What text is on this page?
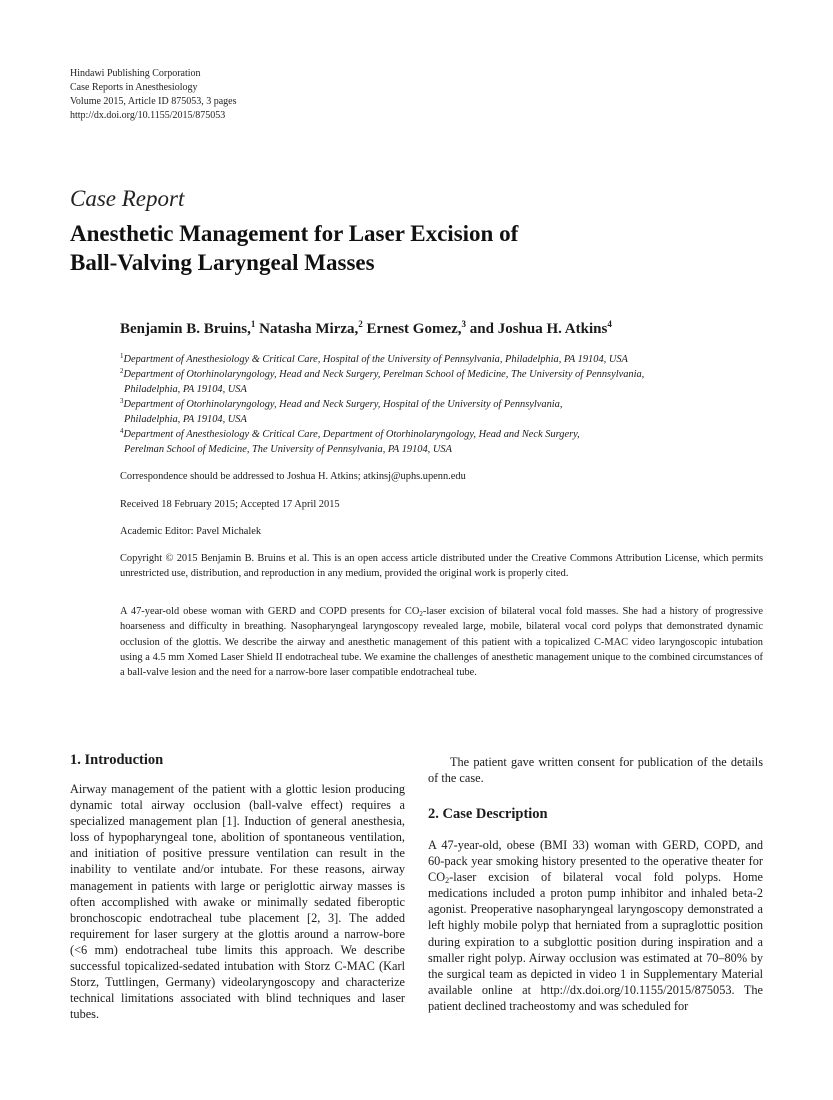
Hindawi Publishing Corporation
Case Reports in Anesthesiology
Volume 2015, Article ID 875053, 3 pages
http://dx.doi.org/10.1155/2015/875053
Case Report
Anesthetic Management for Laser Excision of
Ball-Valving Laryngeal Masses
Benjamin B. Bruins,$^1$ Natasha Mirza,$^2$ Ernest Gomez,$^3$ and Joshua H. Atkins$^4$
$^1$Department of Anesthesiology & Critical Care, Hospital of the University of Pennsylvania, Philadelphia, PA 19104, USA
$^2$Department of Otorhinolaryngology, Head and Neck Surgery, Perelman School of Medicine, The University of Pennsylvania,
Philadelphia, PA 19104, USA
$^3$Department of Otorhinolaryngology, Head and Neck Surgery, Hospital of the University of Pennsylvania,
Philadelphia, PA 19104, USA
$^4$Department of Anesthesiology & Critical Care, Department of Otorhinolaryngology, Head and Neck Surgery,
Perelman School of Medicine, The University of Pennsylvania, PA 19104, USA
Correspondence should be addressed to Joshua H. Atkins; atkinsj@uphs.upenn.edu
Received 18 February 2015; Accepted 17 April 2015
Academic Editor: Pavel Michalek
Copyright © 2015 Benjamin B. Bruins et al. This is an open access article distributed under the Creative Commons Attribution License, which permits unrestricted use, distribution, and reproduction in any medium, provided the original work is properly cited.
A 47-year-old obese woman with GERD and COPD presents for $CO_2$-laser excision of bilateral vocal fold masses. She had a history of progressive hoarseness and difficulty in breathing. Nasopharyngeal laryngoscopy revealed large, mobile, bilateral vocal cord polyps that demonstrated dynamic occlusion of the glottis. We describe the airway and anesthetic management of this patient with a topicalized C-MAC video laryngoscopic intubation using a 4.5 mm Xomed Laser Shield II endotracheal tube. We examine the challenges of anesthetic management unique to the combined circumstances of a ball-valve lesion and the need for a narrow-bore laser compatible endotracheal tube.
1. Introduction
Airway management of the patient with a glottic lesion producing dynamic total airway occlusion (ball-valve effect) requires a specialized management plan [1]. Induction of general anesthesia, loss of hypopharyngeal tone, abolition of spontaneous ventilation, and initiation of positive pressure ventilation can result in the inability to ventilate and/or intubate. For these reasons, airway management in patients with large or periglottic airway masses is often accomplished with awake or minimally sedated fiberoptic bronchoscopic endotracheal tube placement [2, 3]. The added requirement for laser surgery at the glottis around a narrow-bore (<6 mm) endotracheal tube limits this approach. We describe successful topicalized-sedated intubation with Storz C-MAC (Karl Storz, Tuttlingen, Germany) videolaryngoscopy and characterize technical limitations associated with blind techniques and laser tubes.
The patient gave written consent for publication of the details of the case.
2. Case Description
A 47-year-old, obese (BMI 33) woman with GERD, COPD, and 60-pack year smoking history presented to the operative theater for $CO_2$-laser excision of bilateral vocal fold polyps. Home medications included a proton pump inhibitor and inhaled beta-2 agonist. Preoperative nasopharyngeal laryngoscopy demonstrated a left highly mobile polyp that herniated from a supraglottic position during expiration to a subglottic position during inspiration and a smaller right polyp. Airway occlusion was estimated at 70–80% by the surgical team as depicted in video 1 in Supplementary Material available online at http://dx.doi.org/10.1155/2015/875053. The patient declined tracheostomy and was scheduled for
